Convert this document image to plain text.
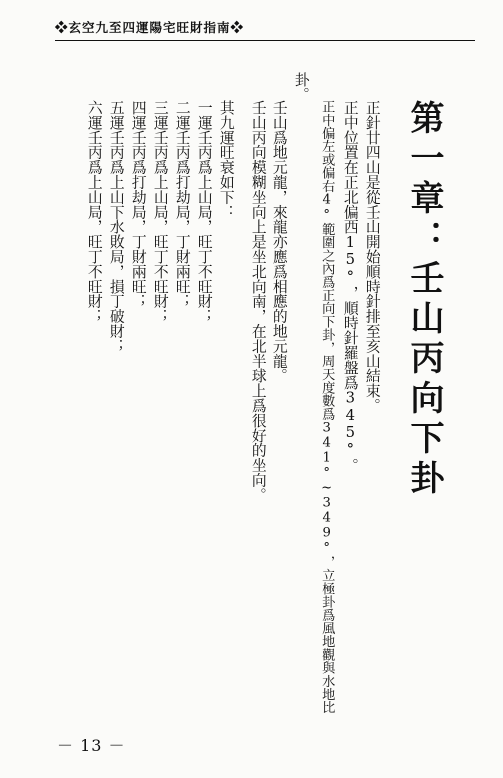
❖玄空九至四運陽宅旺財指南❖
第一章：壬山丙向下卦
正針廿四山是從壬山開始順時針排至亥山結束。
正中位置在正北偏西15°，順時針羅盤爲345°。
正中偏左或偏右4°範圍之內爲正向下卦，周天度數爲341°~349°，立極卦爲風地觀與水地比
卦。
壬山爲地元龍，來龍亦應爲相應的地元龍。
壬山丙向模糊坐向上是坐北向南，在北半球上爲很好的坐向。
其九運旺衰如下：
一運壬丙爲上山局，旺丁不旺財；
二運壬丙爲打劫局，丁財兩旺；
三運壬丙爲上山局，旺丁不旺財；
四運壬丙爲打劫局，丁財兩旺；
五運壬丙爲上山下水敗局，損丁破財；
六運壬丙爲上山局，旺丁不旺財；
－ 13 －
